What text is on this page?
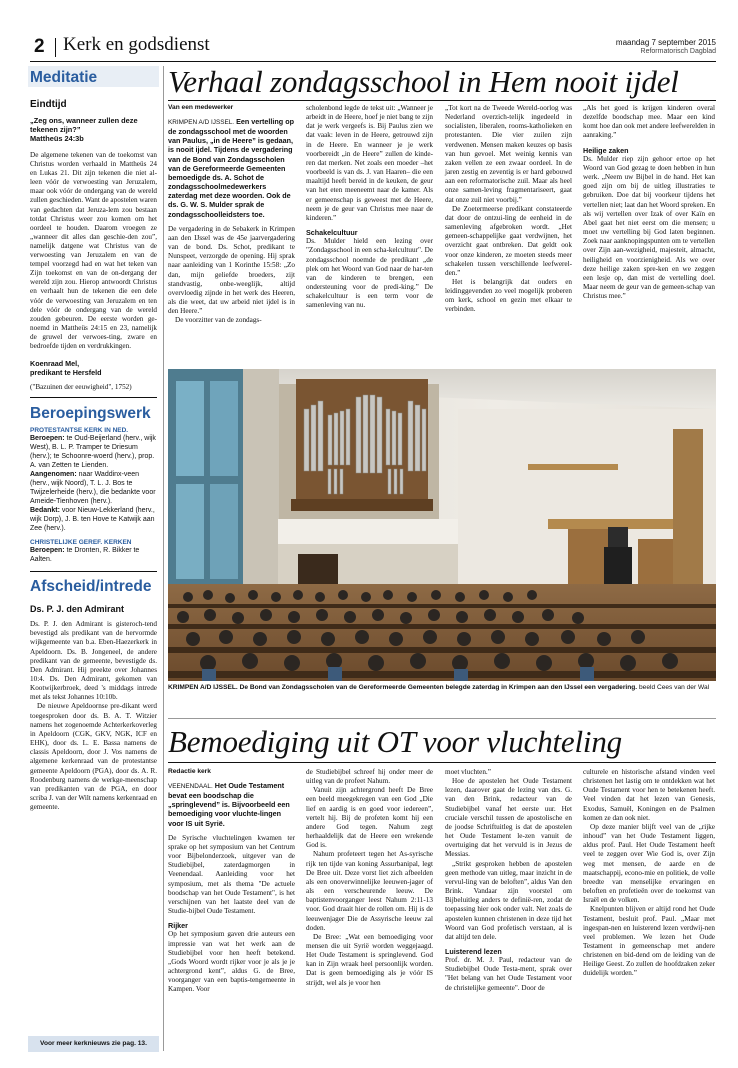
2 Kerk en godsdienst	maandag 7 september 2015
Reformatorisch Dagblad
Meditatie
Eindtijd
„Zeg ons, wanneer zullen deze tekenen zijn?”
Mattheüs 24:3b

De algemene tekenen van de toekomst van Christus worden verhaald in Mattheüs 24 en Lukas 21. Dit zijn tekenen die niet al-leen vóór de verwoesting van Jeruzalem, maar ook vóór de ondergang van de wereld zullen geschieden. Want de apostelen waren van gedachten dat Jeruza-lem zou bestaan totdat Christus weer zou komen om het oordeel te houden. Daarom vroegen ze „wanneer dit alles dan geschie-den zou”, namelijk datgene wat Christus van de verwoesting van Jeruzalem en van de tempel voorzegd had en wat het teken van Zijn toekomst en van de on-dergang der wereld zijn zou. Hierop antwoordt Christus en verhaalt hun de tekenen die een dele vóór de verwoesting van Jeruzalem en ten dele vóór de ondergang van de wereld zouden gebeuren. De eerste worden ge-noemd in Mattheüs 24:15 en 23, namelijk de gruwel der verwoes-ting, zware en bedroefde tijden en verdrukkingen.

Koenraad Mel,
predikant te Hersfeld
("Bazuinen der eeuwigheid", 1752)
Beroepingswerk
PROTESTANTSE KERK IN NED.

Beroepen: te Oud-Beijerland (herv., wijk West), B. L. P. Tramper te Driesum (herv.); te Schoonre-woerd (herv.), prop. A. van Zetten te Lienden.

Aangenomen: naar Waddinx-veen (herv., wijk Noord), T. L. J. Bos te Twijzelerheide (herv.), die bedankte voor Ameide-Tienhoven (herv.).

Bedankt: voor Nieuw-Lekkerland (herv., wijk Dorp), J. B. ten Hove te Katwijk aan Zee (herv.).

CHRISTELIJKE GEREF. KERKEN

Beroepen: te Dronten, R. Bikker te Aalten.

Afscheid/intrede
Ds. P. J. den Admirant

Ds. P. J. den Admirant is gisteroch-tend bevestigd als predikant van de hervormde wijkgemeente van b.a. Eben-Haezerkerk in Apeldoorn. Ds. B. Jongeneel, de andere predikant van de gemeente, bevestigde ds. Den Admirant. Hij preekte over Johannes 10:4. Ds. Den Admirant, gekomen van Kootwijkerbroek, deed 's middags intrede met als tekst Johannes 10:10b.

De nieuwe Apeldoornse pre-dikant werd toegesproken door ds. B. A. T. Witzier namens het zogenoemde Achterkerkoverleg in Apeldoorn (CGK, GKV, NGK, ICF en EHK), door ds. L. E. Bassa namens de classis Apeldoorn, door J. Vos namens de algemene kerkenraad van de protestantse gemeente Apeldoorn (PGA), door ds. A. R. Roodenburg namens de werkge-meenschap van predikanten van de PGA, en door scriba J. van der Wilt namens kerkenraad en gemeente.

Voor meer kerknieuws zie pag. 13.
Verhaal zondagsschool in Hem nooit ijdel
Van een medewerker

KRIMPEN A/D IJSSEL. Een vertelling op de zondagsschool met de woorden van Paulus, „in de Heere” is gedaan, is nooit ijdel. Tijdens de vergadering van de Bond van Zondagsscholen van de Gereformeerde Gemeenten bemoedigde ds. A. Schot de zondagsschoolmedewerkers zaterdag met deze woorden. Ook de ds. G. W. S. Mulder sprak de zondagsschoolleidsters toe.

De vergadering in de Sebakerk in Krimpen aan den IJssel was de 45e jaarvergadering van de bond. Ds. Schot, predikant te Nunspeet, verzorgde de opening. Hij sprak naar aanleiding van 1 Korinthe 15:58: „Zo dan, mijn geliefde broeders, zijt standvastig, onbe-weeglijk, altijd overvloedig zijnde in het werk des Heeren, als die weet, dat uw arbeid niet ijdel is in den Heere.”

De voorzitter van de zondags-

scholenbond legde de tekst uit: „Wanneer je arbeidt in de Heere, hoef je niet bang te zijn dat je werk vergeefs is. Bij Paulus zien we dat vaak: leven in de Heere, getrouwd zijn in de Heere. En wanneer je je werk voorbereidt „in de Heere” zullen de kinde-ren dat merken. Net zoals een moeder –het voorbeeld is van ds. J. van Haaren– die een maaltijd heeft bereid in de keuken, de geur van het eten meeneemt naar de kamer. Als er gemeenschap is geweest met de Heere, neem je de geur van Christus mee naar de kinderen.”

Schakelcultuur

Ds. Mulder hield een lezing over "Zondagsschool in een scha-kelcultuur". De zondagsschool noemde de predikant „de plek om het Woord van God naar de har-ten van de kinderen te brengen, een ondersteuning voor de predi-king.” De schakelcultuur is een term voor de samenleving van nu.

„Tot kort na de Tweede Wereld-oorlog was Nederland overzich-telijk ingedeeld in socialisten, liberalen, rooms-katholieken en protestanten. Die vier zuilen zijn verdwenen. Mensen maken keuzes op basis van hun gevoel. Met weinig kennis van zaken vellen ze een zwaar oordeel. In de jaren zestig en zeventig is er hard gebouwd aan een reformatorische zuil. Maar als heel onze samen-leving fragmentariseert, gaat dat onze zuil niet voorbij.”

De Zoetermeerse predikant constateerde dat door de ontzui-ling de eenheid in de samenleving afgebroken wordt. „Het gemeen-schappelijke gaat verdwijnen, het overzicht gaat ontbreken. Dat geldt ook voor onze kinderen, ze moeten steeds meer schakelen tussen verschillende leefwerel-den.”

Het is belangrijk dat ouders en leidinggevenden zo veel mogelijk proberen om kerk, school en gezin met elkaar te verbinden.

„Als het goed is krijgen kinderen overal dezelfde boodschap mee. Maar een kind komt hoe dan ook met andere leefwerelden in aanraking.”

Heilige zaken

Ds. Mulder riep zijn gehoor ertoe op het Woord van God gezag te doen hebben in hun werk. „Neem uw Bijbel in de hand. Het kan goed zijn om bij de uitleg illustraties te gebruiken. Doe dat bij voorkeur tijdens het vertellen niet; laat dan het Woord spreken. En als wij vertellen over Izak of over Kaïn en Abel gaat het niet eerst om die mensen; u moet uw vertelling bij God laten beginnen. Zoek naar aanknopingspunten om te vertellen over Zijn aan-wezigheid, majesteit, almacht, heiligheid en voorzienigheid. Als we over deze heilige zaken spre-ken en we zeggen een lesje op, dan mist de vertelling doel. Maar neem de geur van de gemeen-schap van Christus mee.”

KRIMPEN A/D IJSSEL. De Bond van Zondagsscholen van de Gereformeerde Gemeenten belegde zaterdag in Krimpen aan den IJssel een vergadering. beeld Cees van der Wal
Bemoediging uit OT voor vluchteling
Redactie kerk

VEENENDAAL. Het Oude Testament bevat een boodschap die „springlevend” is. Bijvoorbeeld een bemoediging voor vluchte-lingen voor IS uit Syrië.

De Syrische vluchtelingen kwamen ter sprake op het symposium van het Centrum voor Bijbelonderzoek, uitgever van de Studiebijbel, zaterdagmorgen in Veenendaal. Aanleiding voor het symposium, met als thema "De actuele boodschap van het Oude Testament", is het verschijnen van het laatste deel van de Studie-bijbel Oude Testament.

Rijker

Op het symposium gaven drie auteurs een impressie van wat het werk aan de Studiebijbel voor hen heeft betekend. „Gods Woord wordt rijker voor je als je je achtergrond kent”, aldus G. de Bree, voorganger van een baptis-tengemeente in Kampen. Voor

de Studiebijbel schreef hij onder meer de uitleg van de profeet Nahum.

Vanuit zijn achtergrond heeft De Bree een beeld meegekregen van een God „Die lief en aardig is en goed voor iedereen”, vertelt hij. Bij de profeten komt hij een andere God tegen. Nahum zegt herhaaldelijk dat de Heere een wrekende God is.

Nahum profeteert tegen het As-syrische rijk ten tijde van koning Assurbanipal, legt De Bree uit. Deze vorst liet zich afbeelden als een onoverwinnelijke leeuwen-jager of als een verscheurende leeuw. De baptistenvoorganger leest Nahum 2:11-13 voor. God draait hier de rollen om. Hij is de leeuwenjager Die de Assyrische leeuw zal doden.

De Bree: „Wat een bemoediging voor mensen die uit Syrië worden weggejaagd. Het Oude Testament is springlevend. God kan in Zijn wraak heel persoonlijk worden. Dat is geen bemoediging als je vóór IS strijdt, wel als je voor hen

moet vluchten.”

Hoe de apostelen het Oude Testament lezen, daarover gaat de lezing van drs. G. van den Brink, redacteur van de Studiebijbel vanaf het eerste uur. Het cruciale verschil tussen de apostolische en de joodse Schriftuitleg is dat de apostelen het Oude Testament le-zen vanuit de overtuiging dat het vervuld is in Jezus de Messias.

„Strikt gesproken hebben de apostelen geen methode van uitleg, maar inzicht in de vervul-ling van de beloften”, aldus Van den Brink. Vandaar zijn voorstel om Bijbeluitleg anders te definië-ren, zodat de toepassing hier ook onder valt. Net zoals de apostelen kunnen christenen in deze tijd het Woord van God profetisch verstaan, al is dat altijd ten dele.

Luisterend lezen

Prof. dr. M. J. Paul, redacteur van de Studiebijbel Oude Testa-ment, sprak over "Het belang van het Oude Testament voor de christelijke gemeente". Door de

culturele en historische afstand vinden veel christenen het lastig om te ontdekken wat het Oude Testament voor hen te betekenen heeft. Veel vinden dat het lezen van Genesis, Exodus, Samuël, Koningen en de Psalmen komen ze dan ook niet.

Op deze manier blijft veel van de „rijke inhoud” van het Oude Testament liggen, aldus prof. Paul. Het Oude Testament heeft veel te zeggen over Wie God is, over Zijn weg met mensen, de aarde en de maatschappij, econo-mie en politiek, de volle breedte van menselijke ervaringen en beloften en profetieën over de toekomst van Israël en de volken.

Knelpunten blijven er altijd rond het Oude Testament, besluit prof. Paul. „Maar met ingespan-nen en luisterend lezen verdwij-nen veel problemen. We lezen het Oude Testament in gemeenschap met andere christenen en bid-dend om de leiding van de Heilige Geest. Zo zullen de hoofdzaken zeker duidelijk worden.”
